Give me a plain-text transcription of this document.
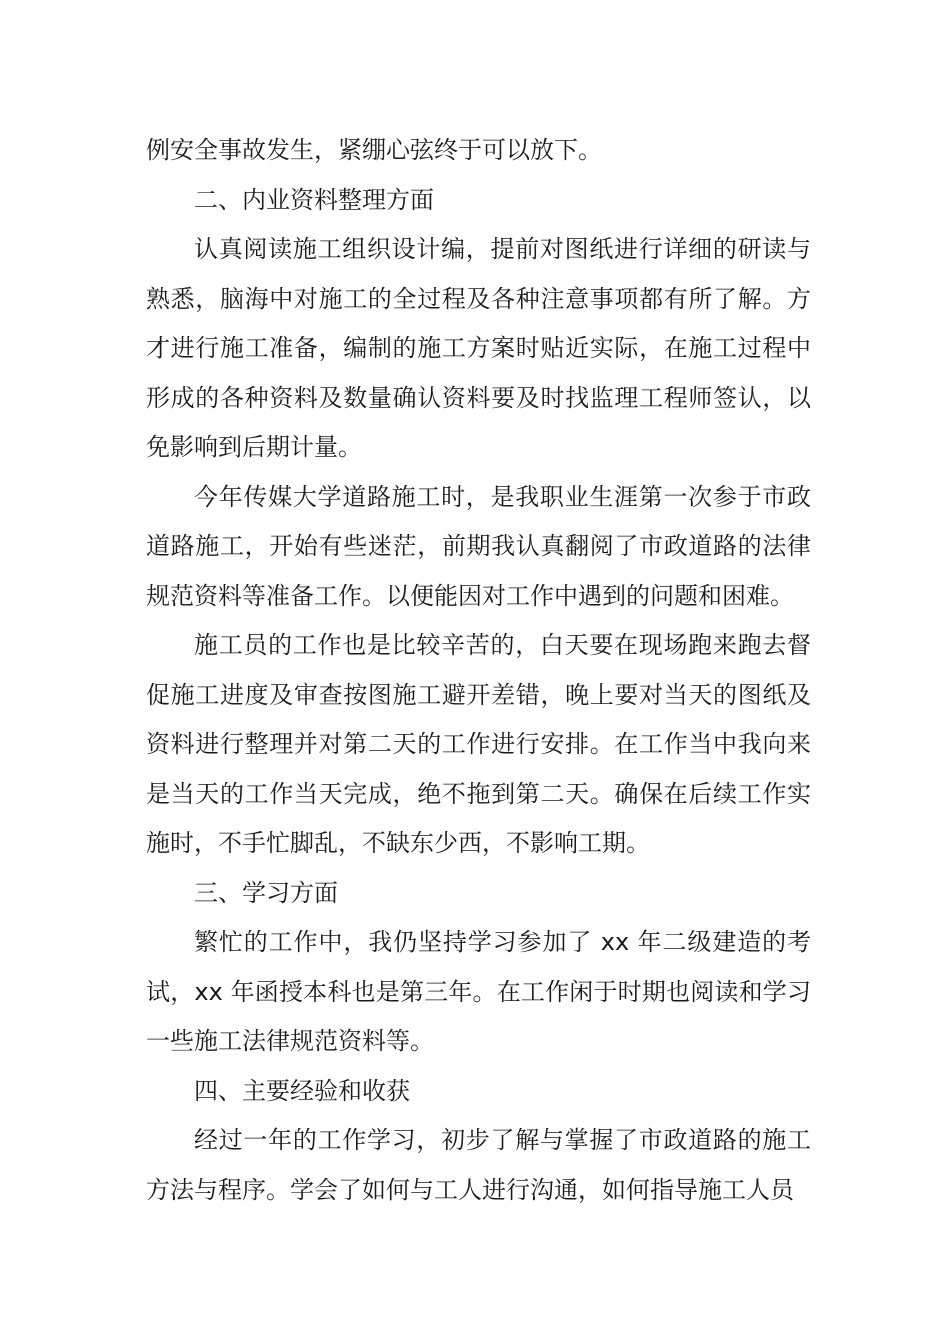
例安全事故发生，紧绷心弦终于可以放下。

二、内业资料整理方面

认真阅读施工组织设计编，提前对图纸进行详细的研读与熟悉，脑海中对施工的全过程及各种注意事项都有所了解。方才进行施工准备，编制的施工方案时贴近实际，在施工过程中形成的各种资料及数量确认资料要及时找监理工程师签认，以免影响到后期计量。

今年传媒大学道路施工时，是我职业生涯第一次参于市政道路施工，开始有些迷茫，前期我认真翻阅了市政道路的法律规范资料等准备工作。以便能因对工作中遇到的问题和困难。

施工员的工作也是比较辛苦的，白天要在现场跑来跑去督促施工进度及审查按图施工避开差错，晚上要对当天的图纸及资料进行整理并对第二天的工作进行安排。在工作当中我向来是当天的工作当天完成，绝不拖到第二天。确保在后续工作实施时，不手忙脚乱，不缺东少西，不影响工期。

三、学习方面

繁忙的工作中，我仍坚持学习参加了 xx 年二级建造的考试，xx 年函授本科也是第三年。在工作闲于时期也阅读和学习一些施工法律规范资料等。

四、主要经验和收获

经过一年的工作学习，初步了解与掌握了市政道路的施工方法与程序。学会了如何与工人进行沟通，如何指导施工人员
